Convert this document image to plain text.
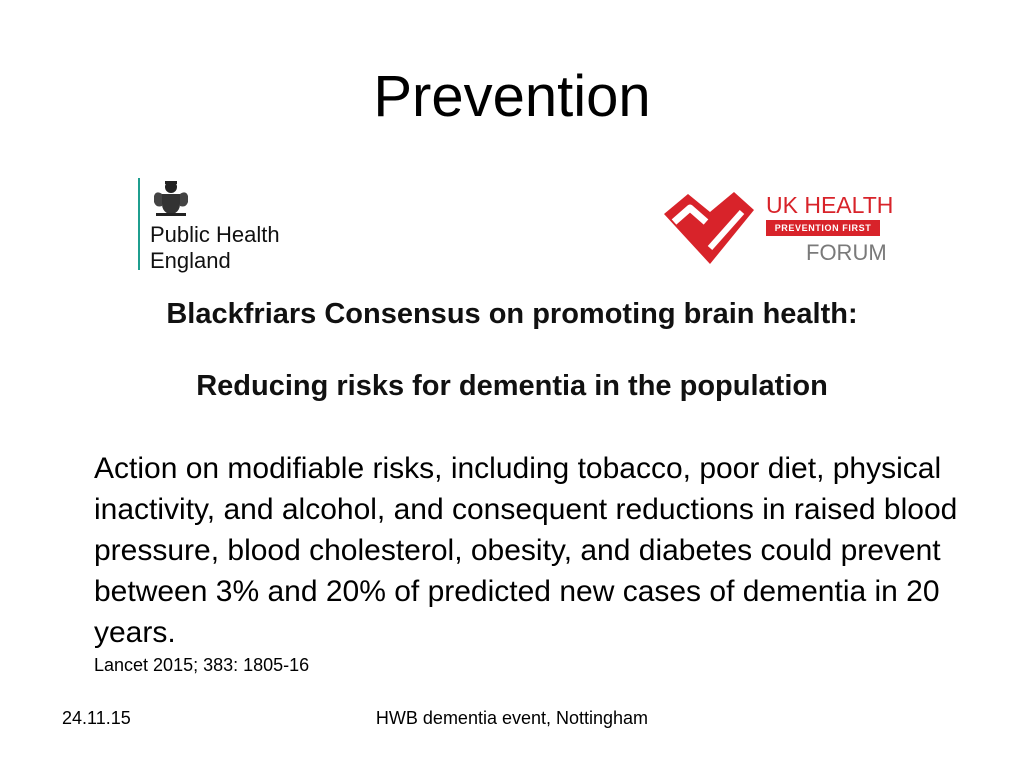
Prevention
Public Health
England
UK HEALTH
PREVENTION FIRST
FORUM
Blackfriars Consensus on promoting brain health:
Reducing risks for dementia in the population
Action on modifiable risks, including tobacco, poor diet, physical inactivity, and alcohol, and consequent reductions in raised blood pressure, blood cholesterol, obesity, and diabetes could prevent between 3% and 20% of predicted new cases of dementia in 20 years.
Lancet 2015; 383: 1805-16
24.11.15	HWB dementia event, Nottingham
